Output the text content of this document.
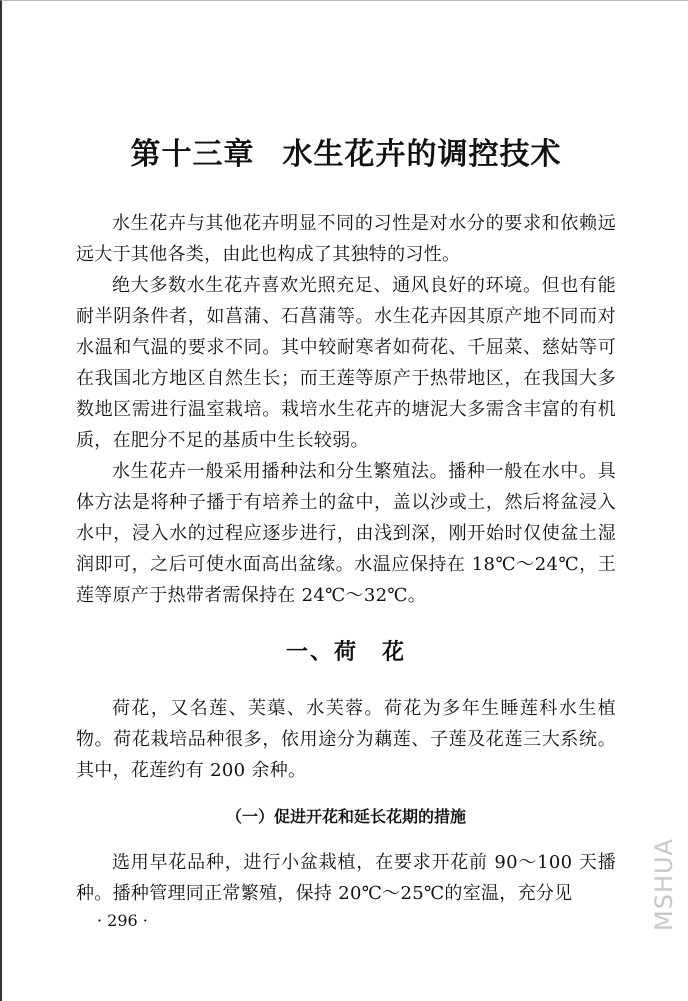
第十三章 水生花卉的调控技术

水生花卉与其他花卉明显不同的习性是对水分的要求和依赖远远大于其他各类，由此也构成了其独特的习性。

绝大多数水生花卉喜欢光照充足、通风良好的环境。但也有能耐半阴条件者，如菖蒲、石菖蒲等。水生花卉因其原产地不同而对水温和气温的要求不同。其中较耐寒者如荷花、千屈菜、慈姑等可在我国北方地区自然生长；而王莲等原产于热带地区，在我国大多数地区需进行温室栽培。栽培水生花卉的塘泥大多需含丰富的有机质，在肥分不足的基质中生长较弱。

水生花卉一般采用播种法和分生繁殖法。播种一般在水中。具体方法是将种子播于有培养土的盆中，盖以沙或土，然后将盆浸入水中，浸入水的过程应逐步进行，由浅到深，刚开始时仅使盆土湿润即可，之后可使水面高出盆缘。水温应保持在 18℃～24℃，王莲等原产于热带者需保持在 24℃～32℃。

一、荷　花

荷花，又名莲、芙蕖、水芙蓉。荷花为多年生睡莲科水生植物。荷花栽培品种很多，依用途分为藕莲、子莲及花莲三大系统。其中，花莲约有 200 余种。

（一）促进开花和延长花期的措施

选用早花品种，进行小盆栽植，在要求开花前 90～100 天播种。播种管理同正常繁殖，保持 20℃～25℃的室温，充分见

· 296 ·	MSHUA
